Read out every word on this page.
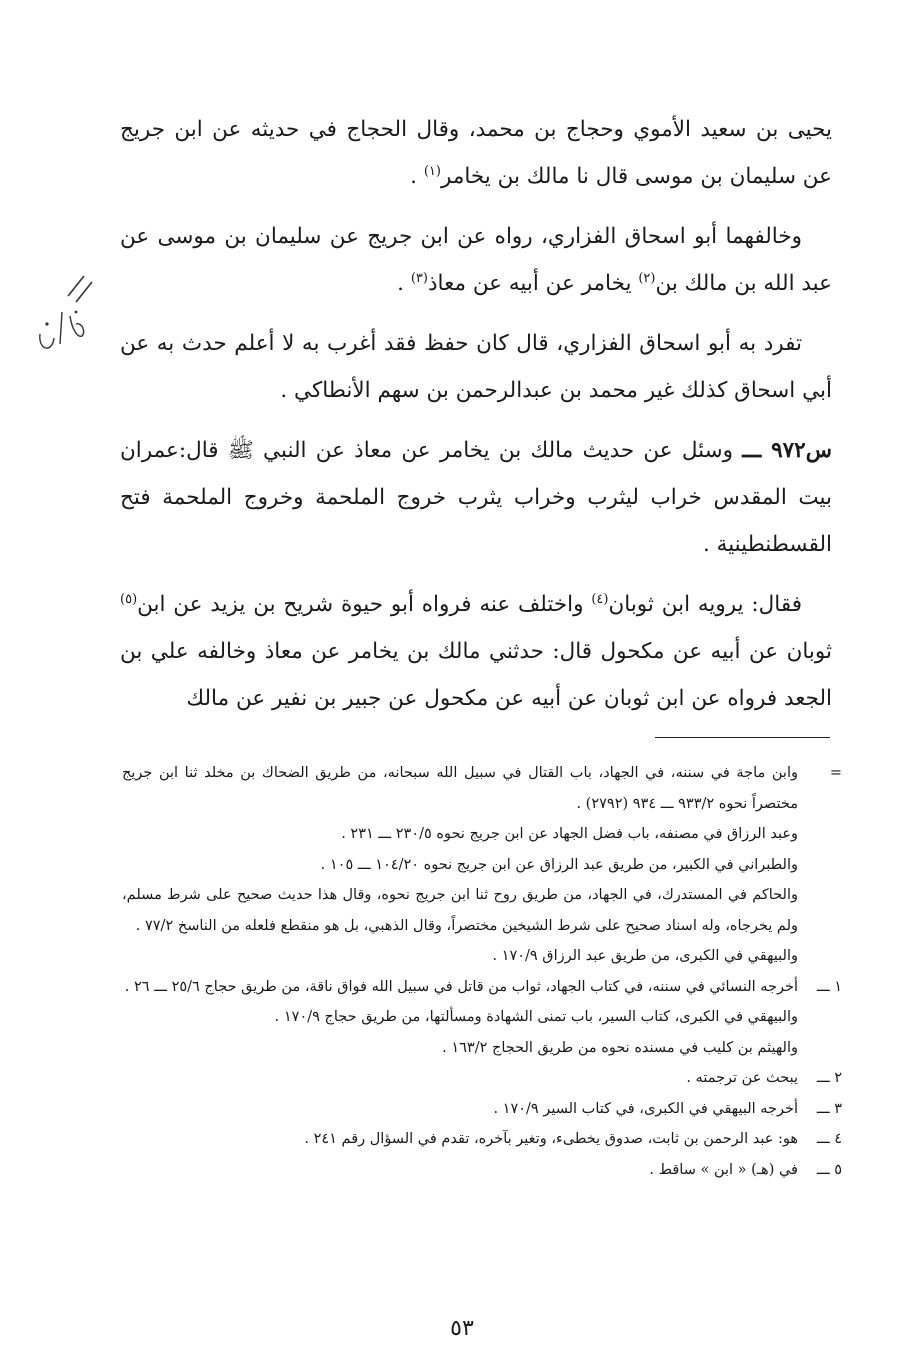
يحيى بن سعيد الأموي وحجاج بن محمد، وقال الحجاج في حديثه عن ابن جريج عن سليمان بن موسى قال نا مالك بن يخامر$^{(١)}$ .

وخالفهما أبو اسحاق الفزاري، رواه عن ابن جريج عن سليمان بن موسى عن عبد الله بن مالك بن$^{(٢)}$ يخامر عن أبيه عن معاذ$^{(٣)}$ .

تفرد به أبو اسحاق الفزاري، قال كان حفظ فقد أغرب به لا أعلم حدث به عن أبي اسحاق كذلك غير محمد بن عبدالرحمن بن سهم الأنطاكي .

س٩٧٢ ـــ وسئل عن حديث مالك بن يخامر عن معاذ عن النبي ﷺ قال:عمران بيت المقدس خراب ليثرب وخراب يثرب خروج الملحمة وخروج الملحمة فتح القسطنطينية .

فقال: يرويه ابن ثوبان$^{(٤)}$ واختلف عنه فرواه أبو حيوة شريح بن يزيد عن ابن$^{(٥)}$ ثوبان عن أبيه عن مكحول قال: حدثني مالك بن يخامر عن معاذ وخالفه علي بن الجعد فرواه عن ابن ثوبان عن أبيه عن مكحول عن جبير بن نفير عن مالك

=
وابن ماجة في سننه، في الجهاد، باب القتال في سبيل الله سبحانه، من طريق الضحاك بن مخلد ثنا ابن جريج مختصراً نحوه ٩٣٣/٢ ـــ ٩٣٤ (٢٧٩٢) .
وعبد الرزاق في مصنفه، باب فضل الجهاد عن ابن جريج نحوه ٢٣٠/٥ ـــ ٢٣١ .
والطبراني في الكبير، من طريق عبد الرزاق عن ابن جريج نحوه ١٠٤/٢٠ ـــ ١٠٥ .
والحاكم في المستدرك، في الجهاد، من طريق روح ثنا ابن جريج نحوه، وقال هذا حديث صحيح على شرط مسلم، ولم يخرجاه، وله اسناد صحيح على شرط الشيخين مختصراً، وقال الذهبي، بل هو منقطع فلعله من الناسخ ٧٧/٢ .
والبيهقي في الكبرى، من طريق عبد الرزاق ١٧٠/٩ .
١ ـــ
أخرجه النسائي في سننه، في كتاب الجهاد، ثواب من قاتل في سبيل الله فواق ناقة، من طريق حجاج ٢٥/٦ ـــ ٢٦ .
والبيهقي في الكبرى، كتاب السير، باب تمنى الشهادة ومسألتها، من طريق حجاج ١٧٠/٩ .
والهيثم بن كليب في مسنده نحوه من طريق الحجاج ١٦٣/٢ .
٢ ـــ
يبحث عن ترجمته .
٣ ـــ
أخرجه البيهقي في الكبرى، في كتاب السير ١٧٠/٩ .
٤ ـــ
هو: عبد الرحمن بن ثابت، صدوق يخطىء، وتغير بآخره، تقدم في السؤال رقم ٢٤١ .
٥ ـــ
في (هـ) « ابن » ساقط .
٥٣
